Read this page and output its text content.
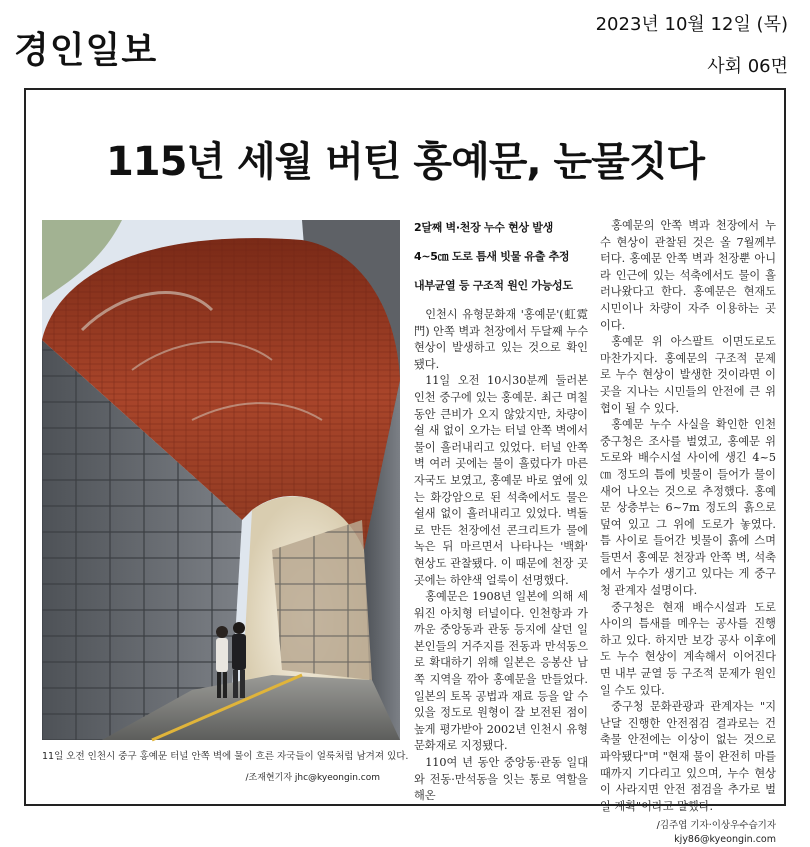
경인일보
2023년 10월 12일 (목)
사회 06면
115년 세월 버틴 홍예문, 눈물짓다
11일 오전 인천시 중구 홍예문 터널 안쪽 벽에 물이 흐른 자국들이 얼룩처럼 남겨져 있다.
/조재현기자 jhc@kyeongin.com
2달째 벽·천장 누수 현상 발생
4~5㎝ 도로 틈새 빗물 유출 추정
내부균열 등 구조적 원인 가능성도

인천시 유형문화재 '홍예문'(虹霓門) 안쪽 벽과 천장에서 두달째 누수 현상이 발생하고 있는 것으로 확인됐다.

11일 오전 10시30분께 둘러본 인천 중구에 있는 홍예문. 최근 며칠 동안 큰비가 오지 않았지만, 차량이 쉴 새 없이 오가는 터널 안쪽 벽에서 물이 흘러내리고 있었다. 터널 안쪽 벽 여러 곳에는 물이 흘렀다가 마른 자국도 보였고, 홍예문 바로 옆에 있는 화강암으로 된 석축에서도 물은 쉴새 없이 흘러내리고 있었다. 벽돌로 만든 천장에선 콘크리트가 물에 녹은 뒤 마르면서 나타나는 '백화' 현상도 관찰됐다. 이 때문에 천장 곳곳에는 하얀색 얼룩이 선명했다.

홍예문은 1908년 일본에 의해 세워진 아치형 터널이다. 인천항과 가까운 중앙동과 관동 등지에 살던 일본인들의 거주지를 전동과 만석동으로 확대하기 위해 일본은 응봉산 남쪽 지역을 깎아 홍예문을 만들었다. 일본의 토목 공법과 재료 등을 알 수 있을 정도로 원형이 잘 보전된 점이 높게 평가받아 2002년 인천시 유형문화재로 지정됐다.

110여 년 동안 중앙동·관동 일대와 전동·만석동을 잇는 통로 역할을 해온

홍예문의 안쪽 벽과 천장에서 누수 현상이 관찰된 것은 올 7월께부터다. 홍예문 안쪽 벽과 천장뿐 아니라 인근에 있는 석축에서도 물이 흘러나왔다고 한다. 홍예문은 현재도 시민이나 차량이 자주 이용하는 곳이다.

홍예문 위 아스팔트 이면도로도 마찬가지다. 홍예문의 구조적 문제로 누수 현상이 발생한 것이라면 이곳을 지나는 시민들의 안전에 큰 위협이 될 수 있다.

홍예문 누수 사실을 확인한 인천 중구청은 조사를 벌였고, 홍예문 위 도로와 배수시설 사이에 생긴 4~5㎝ 정도의 틈에 빗물이 들어가 물이 새어 나오는 것으로 추정했다. 홍예문 상층부는 6~7m 정도의 흙으로 덮여 있고 그 위에 도로가 놓였다. 틈 사이로 들어간 빗물이 흙에 스며들면서 홍예문 천장과 안쪽 벽, 석축에서 누수가 생기고 있다는 게 중구청 관계자 설명이다.

중구청은 현재 배수시설과 도로 사이의 틈새를 메우는 공사를 진행하고 있다. 하지만 보강 공사 이후에도 누수 현상이 계속해서 이어진다면 내부 균열 등 구조적 문제가 원인일 수도 있다.

중구청 문화관광과 관계자는 "지난달 진행한 안전점검 결과로는 건축물 안전에는 이상이 없는 것으로 파악됐다"며 "현재 물이 완전히 마를 때까지 기다리고 있으며, 누수 현상이 사라지면 안전 점검을 추가로 벌일 계획"이라고 말했다.

/김주엽 기자·이상우수습기자
kjy86@kyeongin.com
